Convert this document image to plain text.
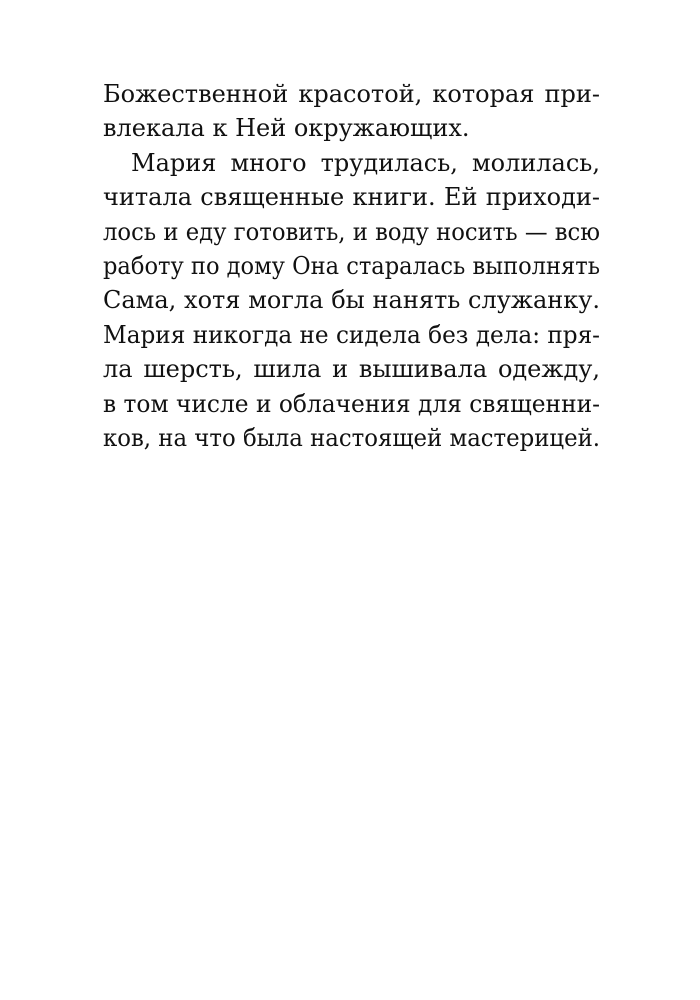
Божественной красотой, которая при-
влекала к Ней окружающих.
Мария много трудилась, молилась,
читала священные книги. Ей приходи-
лось и еду готовить, и воду носить — всю
работу по дому Она старалась выполнять
Сама, хотя могла бы нанять служанку.
Мария никогда не сидела без дела: пря-
ла шерсть, шила и вышивала одежду,
в том числе и облачения для священни-
ков, на что была настоящей мастерицей.
